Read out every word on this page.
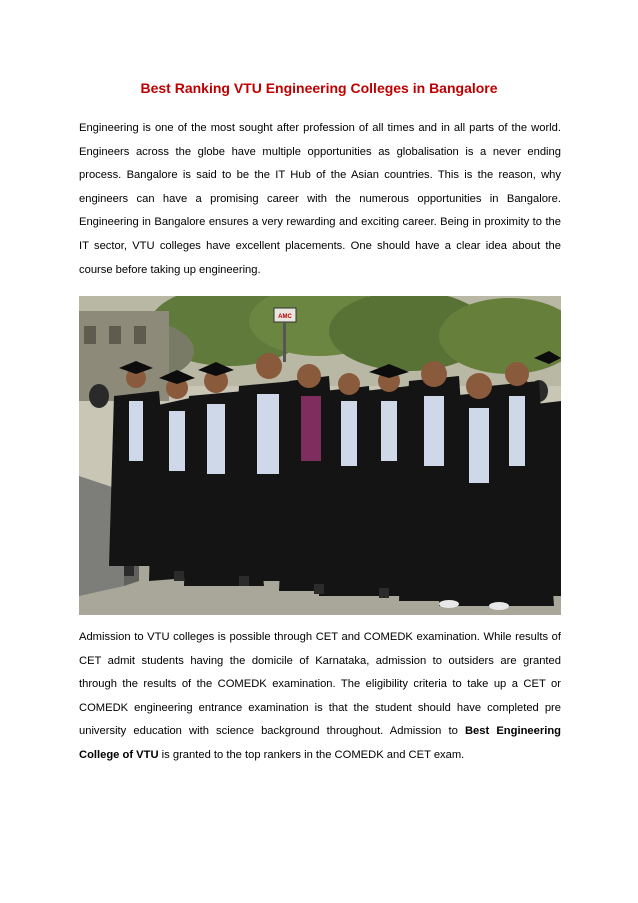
Best Ranking VTU Engineering Colleges in Bangalore

Engineering is one of the most sought after profession of all times and in all parts of the world. Engineers across the globe have multiple opportunities as globalisation is a never ending process. Bangalore is said to be the IT Hub of the Asian countries. This is the reason, why engineers can have a promising career with the numerous opportunities in Bangalore. Engineering in Bangalore ensures a very rewarding and exciting career. Being in proximity to the IT sector, VTU colleges have excellent placements. One should have a clear idea about the course before taking up engineering.

AMC

Admission to VTU colleges is possible through CET and COMEDK examination. While results of CET admit students having the domicile of Karnataka, admission to outsiders are granted through the results of the COMEDK examination. The eligibility criteria to take up a CET or COMEDK engineering entrance examination is that the student should have completed pre university education with science background throughout. Admission to Best Engineering College of VTU is granted to the top rankers in the COMEDK and CET exam.
